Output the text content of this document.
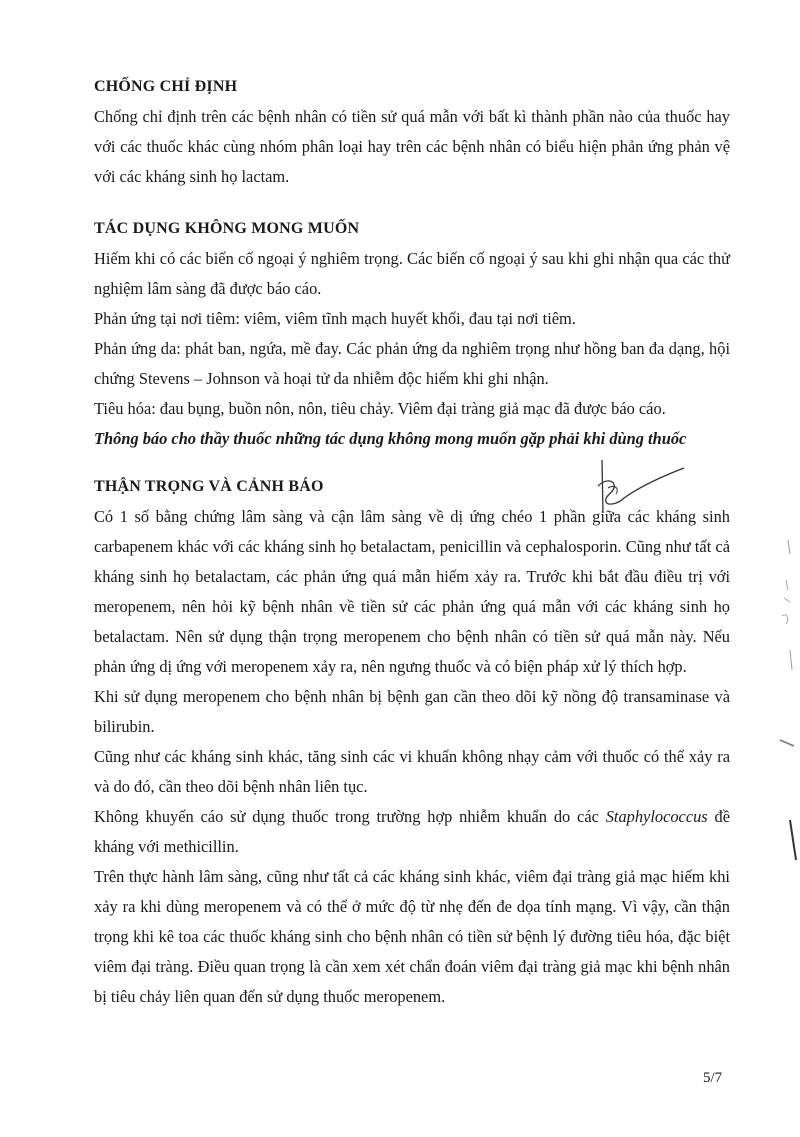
CHỐNG CHỈ ĐỊNH

Chống chỉ định trên các bệnh nhân có tiền sử quá mẫn với bất kì thành phần nào của thuốc hay với các thuốc khác cùng nhóm phân loại hay trên các bệnh nhân có biểu hiện phản ứng phản vệ với các kháng sinh họ lactam.

TÁC DỤNG KHÔNG MONG MUỐN

Hiếm khi có các biến cố ngoại ý nghiêm trọng. Các biến cố ngoại ý sau khi ghi nhận qua các thử nghiệm lâm sàng đã được báo cáo.

Phản ứng tại nơi tiêm: viêm, viêm tĩnh mạch huyết khối, đau tại nơi tiêm.

Phản ứng da: phát ban, ngứa, mề đay. Các phản ứng da nghiêm trọng như hồng ban đa dạng, hội chứng Stevens – Johnson và hoại tử da nhiễm độc hiếm khi ghi nhận.

Tiêu hóa: đau bụng, buồn nôn, nôn, tiêu chảy. Viêm đại tràng giả mạc đã được báo cáo.

Thông báo cho thầy thuốc những tác dụng không mong muốn gặp phải khi dùng thuốc

THẬN TRỌNG VÀ CẢNH BÁO

Có 1 số bằng chứng lâm sàng và cận lâm sàng về dị ứng chéo 1 phần giữa các kháng sinh carbapenem khác với các kháng sinh họ betalactam, penicillin và cephalosporin. Cũng như tất cả kháng sinh họ betalactam, các phản ứng quá mẫn hiếm xảy ra. Trước khi bắt đầu điều trị với meropenem, nên hỏi kỹ bệnh nhân về tiền sử các phản ứng quá mẫn với các kháng sinh họ betalactam. Nên sử dụng thận trọng meropenem cho bệnh nhân có tiền sử quá mẫn này. Nếu phản ứng dị ứng với meropenem xảy ra, nên ngưng thuốc và có biện pháp xử lý thích hợp.

Khi sử dụng meropenem cho bệnh nhân bị bệnh gan cần theo dõi kỹ nồng độ transaminase và bilirubin.

Cũng như các kháng sinh khác, tăng sinh các vi khuẩn không nhạy cảm với thuốc có thể xảy ra và do đó, cần theo dõi bệnh nhân liên tục.

Không khuyến cáo sử dụng thuốc trong trường hợp nhiễm khuẩn do các Staphylococcus đề kháng với methicillin.

Trên thực hành lâm sàng, cũng như tất cả các kháng sinh khác, viêm đại tràng giả mạc hiếm khi xảy ra khi dùng meropenem và có thể ở mức độ từ nhẹ đến đe dọa tính mạng. Vì vậy, cần thận trọng khi kê toa các thuốc kháng sinh cho bệnh nhân có tiền sử bệnh lý đường tiêu hóa, đặc biệt viêm đại tràng. Điều quan trọng là cần xem xét chẩn đoán viêm đại tràng giả mạc khi bệnh nhân bị tiêu chảy liên quan đến sử dụng thuốc meropenem.

5/7
